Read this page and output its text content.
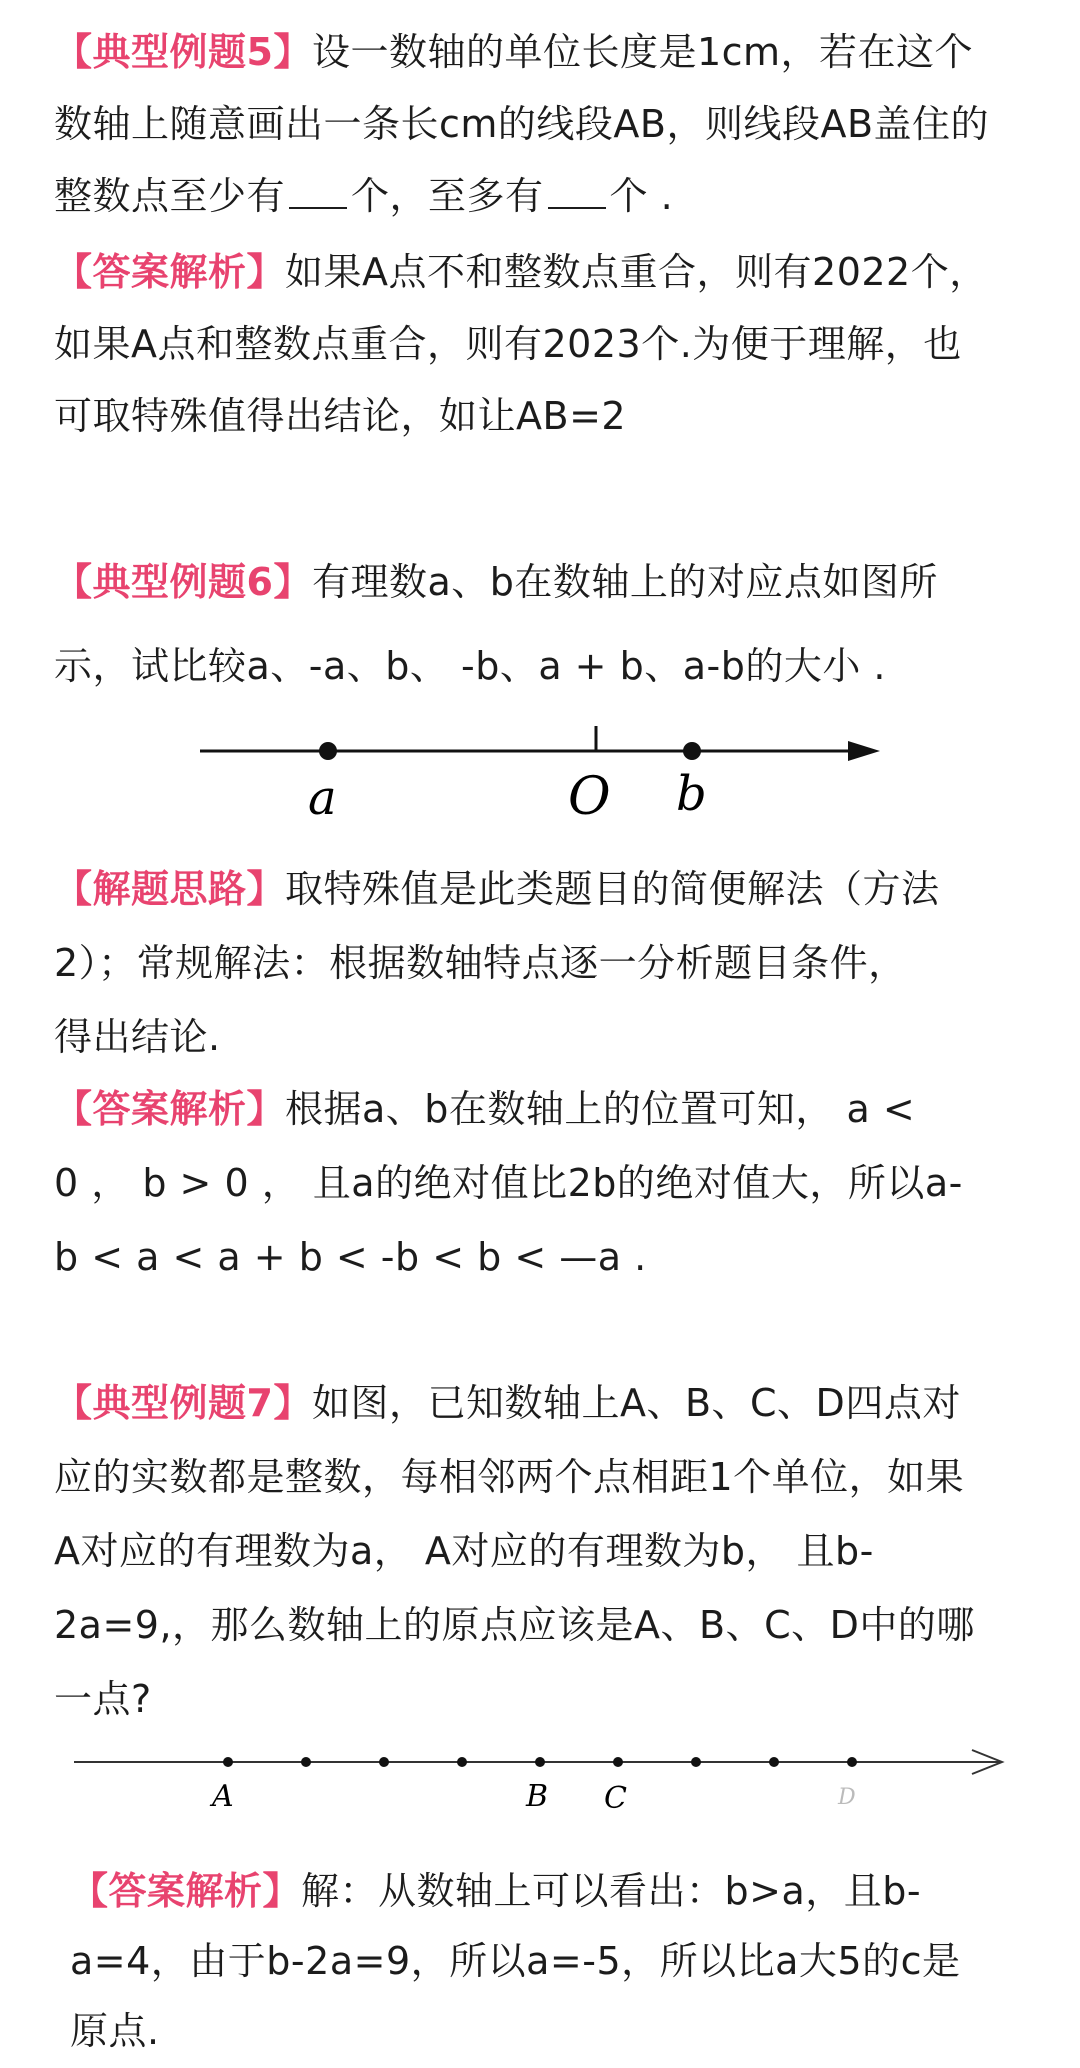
【典型例题5】设一数轴的单位长度是1cm，若在这个
数轴上随意画出一条长cm的线段AB，则线段AB盖住的
整数点至少有 个，至多有 个 .
【答案解析】如果A点不和整数点重合，则有2022个，
如果A点和整数点重合，则有2023个.为便于理解，也
可取特殊值得出结论，如让AB=2
【典型例题6】有理数a、b在数轴上的对应点如图所
示，试比较a、-a、b、 -b、a + b、a-b的大小 .
a	O b
【解题思路】取特殊值是此类题目的简便解法（方法
2）；常规解法：根据数轴特点逐一分析题目条件，
得出结论.
【答案解析】根据a、b在数轴上的位置可知， a <
0 ， b > 0 ， 且a的绝对值比2b的绝对值大，所以a-
b < a < a + b < -b < b < —a .
【典型例题7】如图，已知数轴上A、B、C、D四点对
应的实数都是整数，每相邻两个点相距1个单位，如果
A对应的有理数为a， A对应的有理数为b， 且b-
2a=9,，那么数轴上的原点应该是A、B、C、D中的哪
一点?
A	B C	D
【答案解析】解：从数轴上可以看出：b>a，且b-
a=4，由于b-2a=9，所以a=-5，所以比a大5的c是
原点.
